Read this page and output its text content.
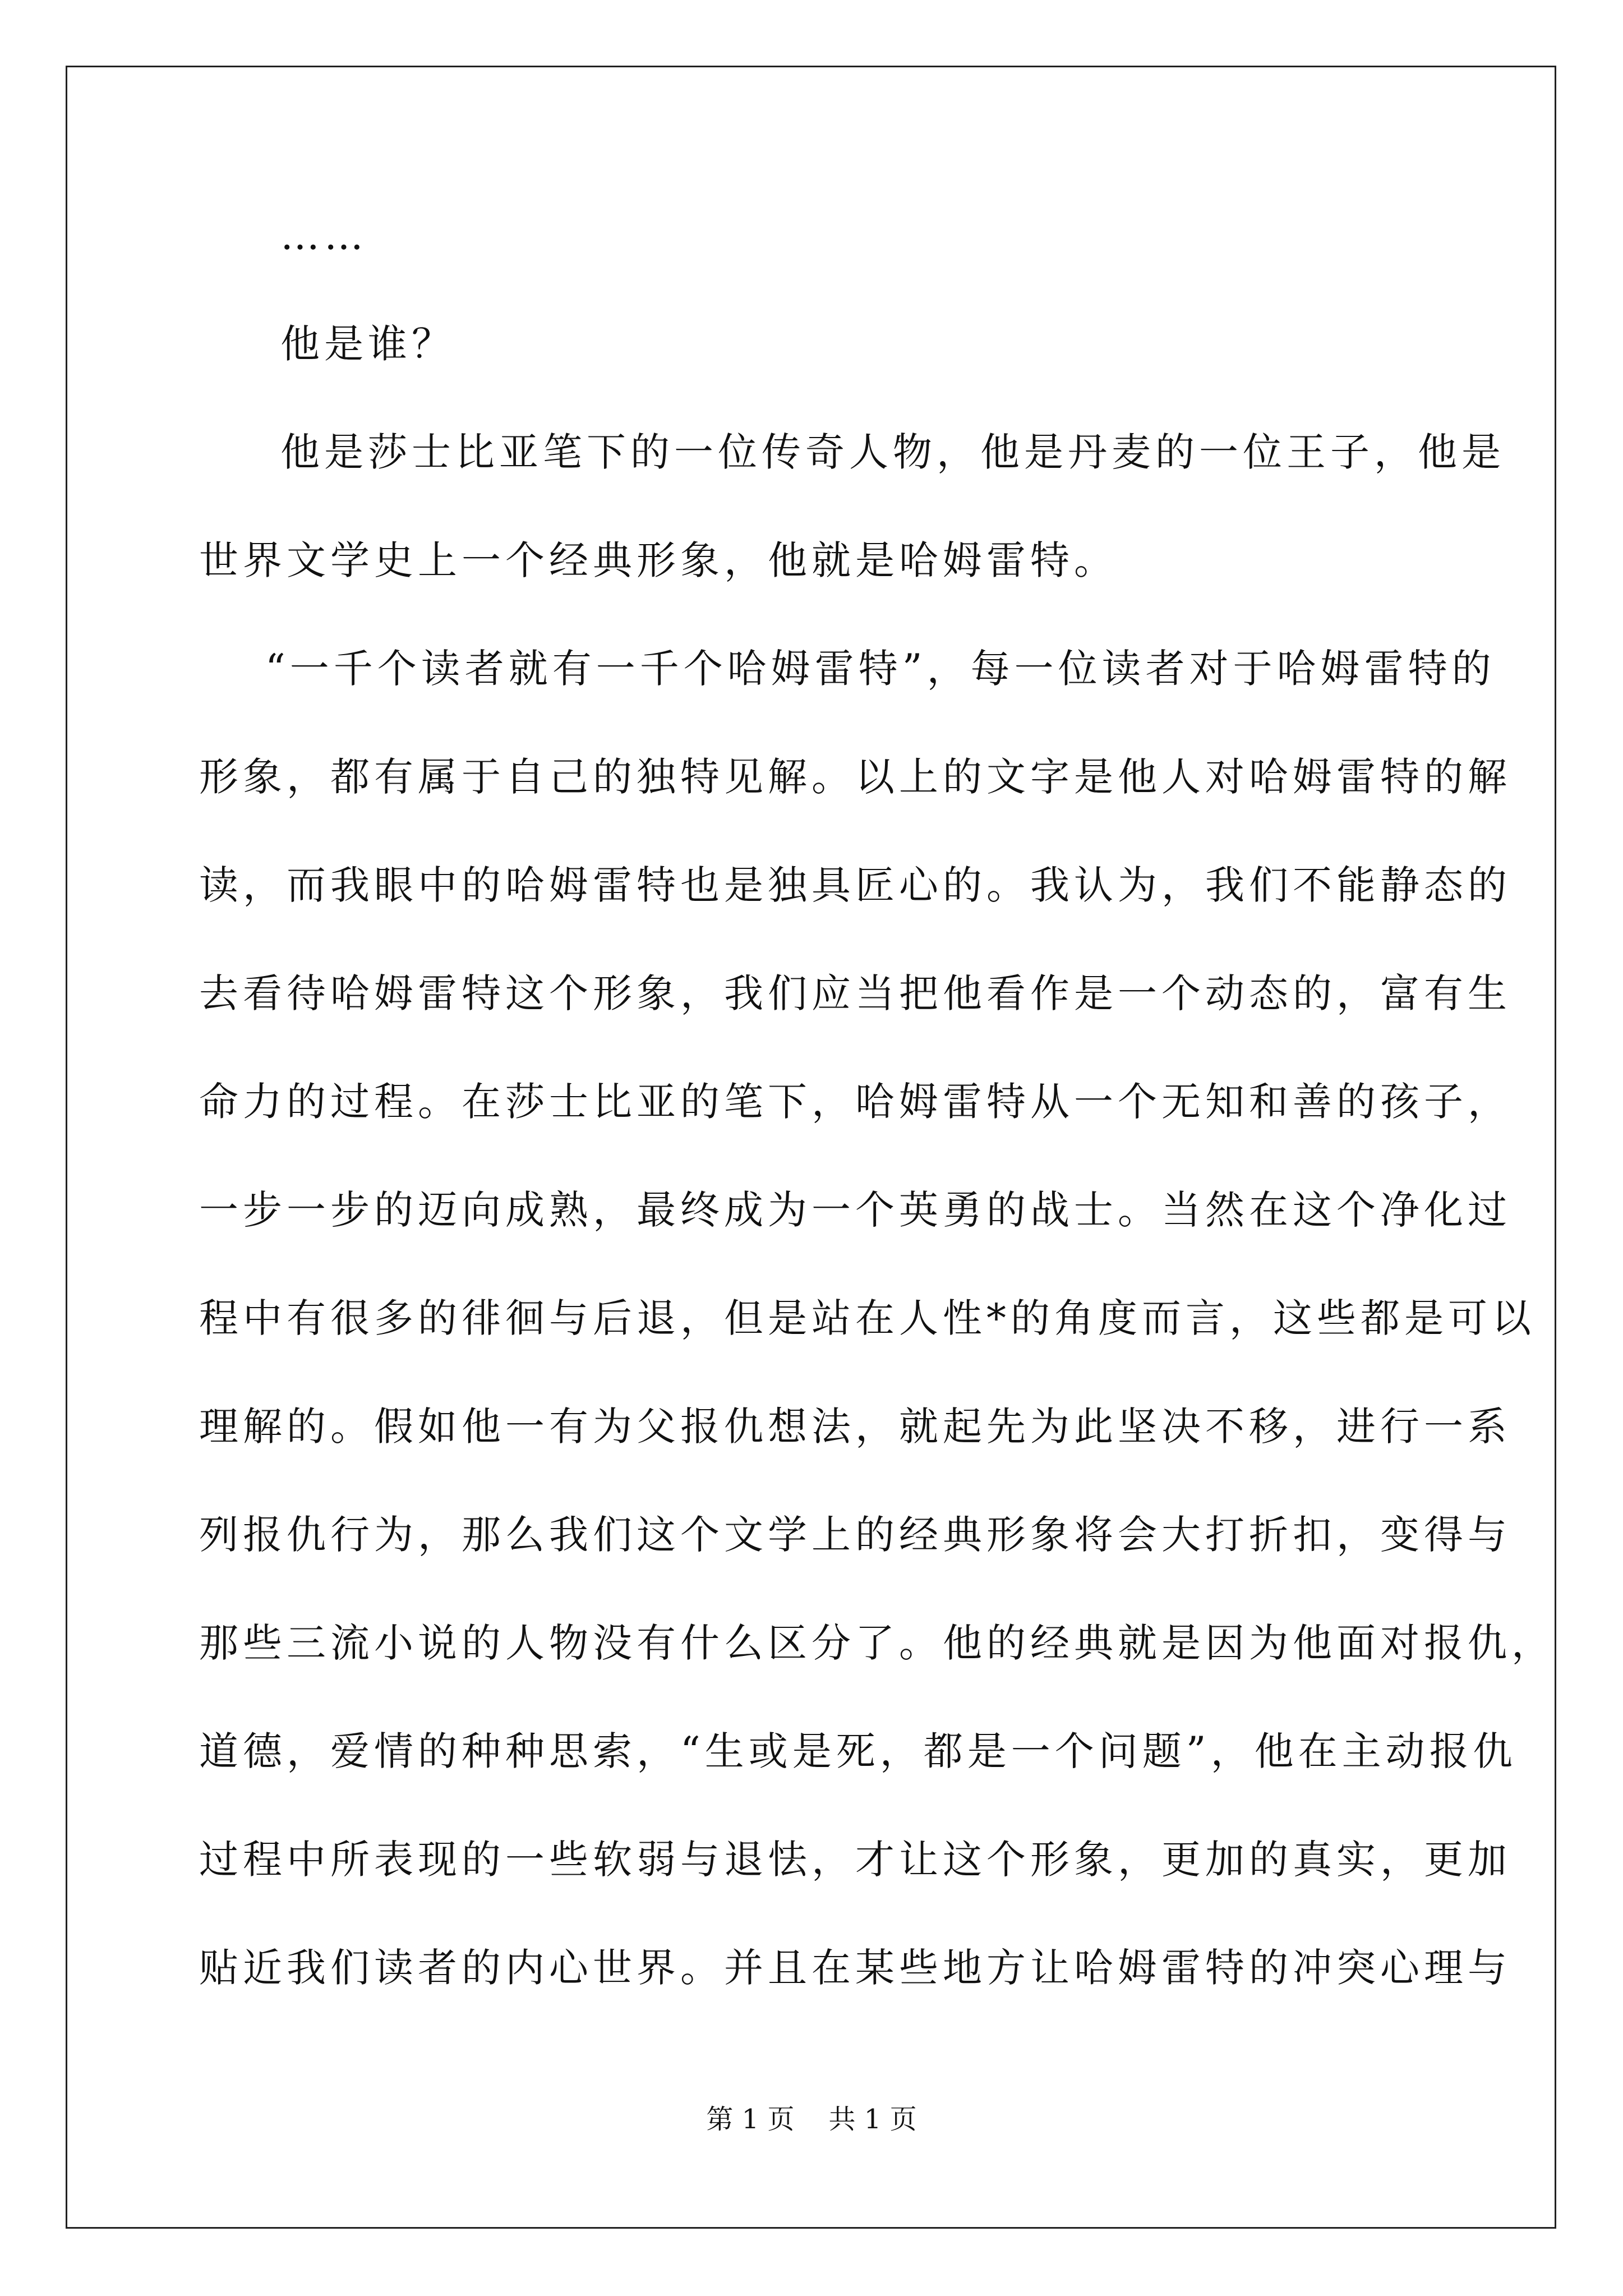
……
他是谁？
他是莎士比亚笔下的一位传奇人物，他是丹麦的一位王子，他是
世界文学史上一个经典形象，他就是哈姆雷特。
“一千个读者就有一千个哈姆雷特”，每一位读者对于哈姆雷特的
形象，都有属于自己的独特见解。以上的文字是他人对哈姆雷特的解
读，而我眼中的哈姆雷特也是独具匠心的。我认为，我们不能静态的
去看待哈姆雷特这个形象，我们应当把他看作是一个动态的，富有生
命力的过程。在莎士比亚的笔下，哈姆雷特从一个无知和善的孩子，
一步一步的迈向成熟，最终成为一个英勇的战士。当然在这个净化过
程中有很多的徘徊与后退，但是站在人性*的角度而言，这些都是可以
理解的。假如他一有为父报仇想法，就起先为此坚决不移，进行一系
列报仇行为，那么我们这个文学上的经典形象将会大打折扣，变得与
那些三流小说的人物没有什么区分了。他的经典就是因为他面对报仇，
道德，爱情的种种思索，“生或是死，都是一个问题”，他在主动报仇
过程中所表现的一些软弱与退怯，才让这个形象，更加的真实，更加
贴近我们读者的内心世界。并且在某些地方让哈姆雷特的冲突心理与
第 1 页    共 1 页
